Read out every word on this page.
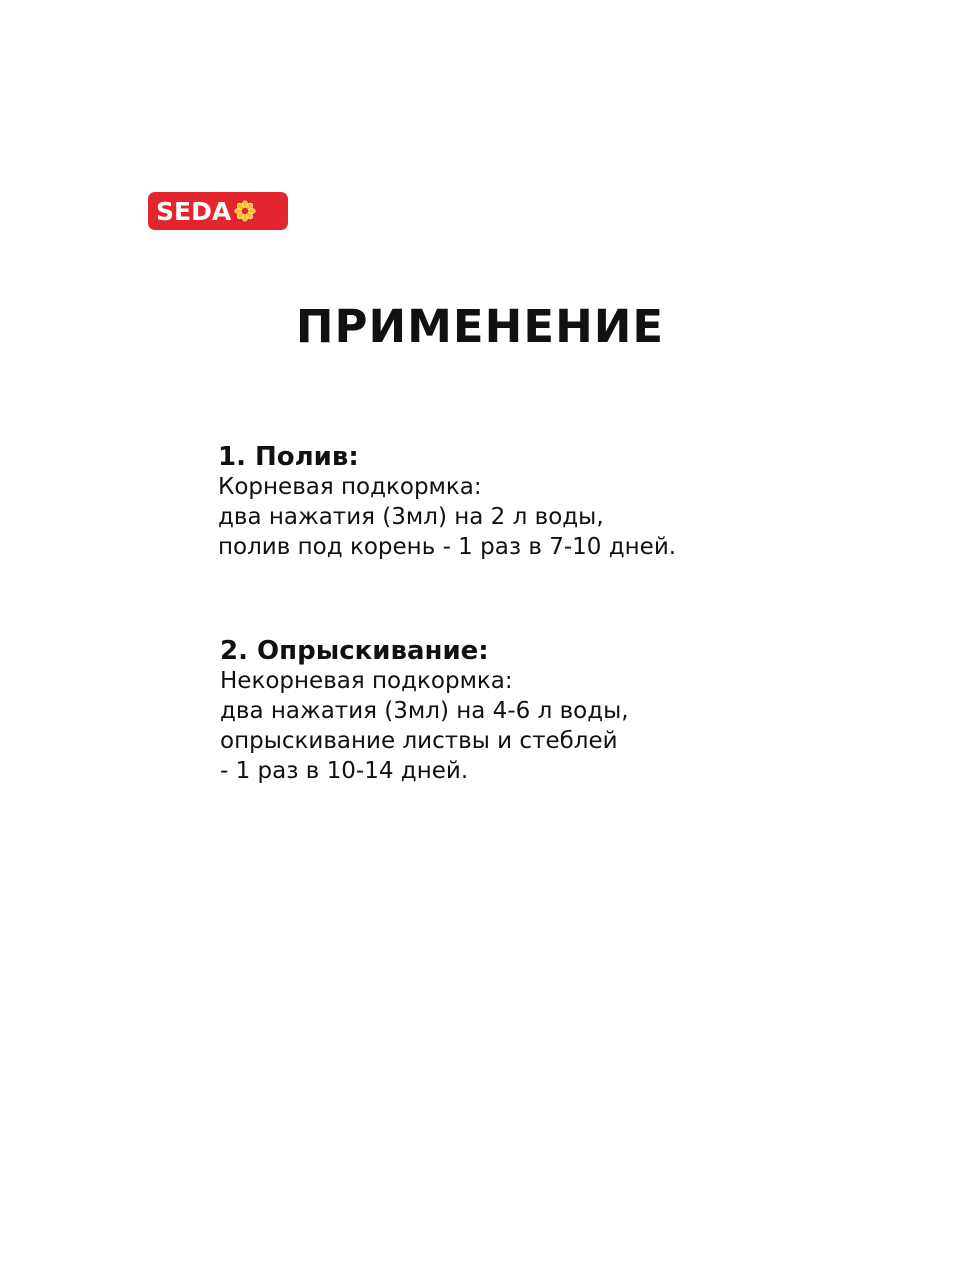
SEDA
ПРИМЕНЕНИЕ

1. Полив:

Корневая подкормка:

два нажатия (3мл) на 2 л воды,

полив под корень - 1 раз в 7-10 дней.

2. Опрыскивание:

Некорневая подкормка:

два нажатия (3мл) на 4-6 л воды,

опрыскивание листвы и стеблей

- 1 раз в 10-14 дней.
